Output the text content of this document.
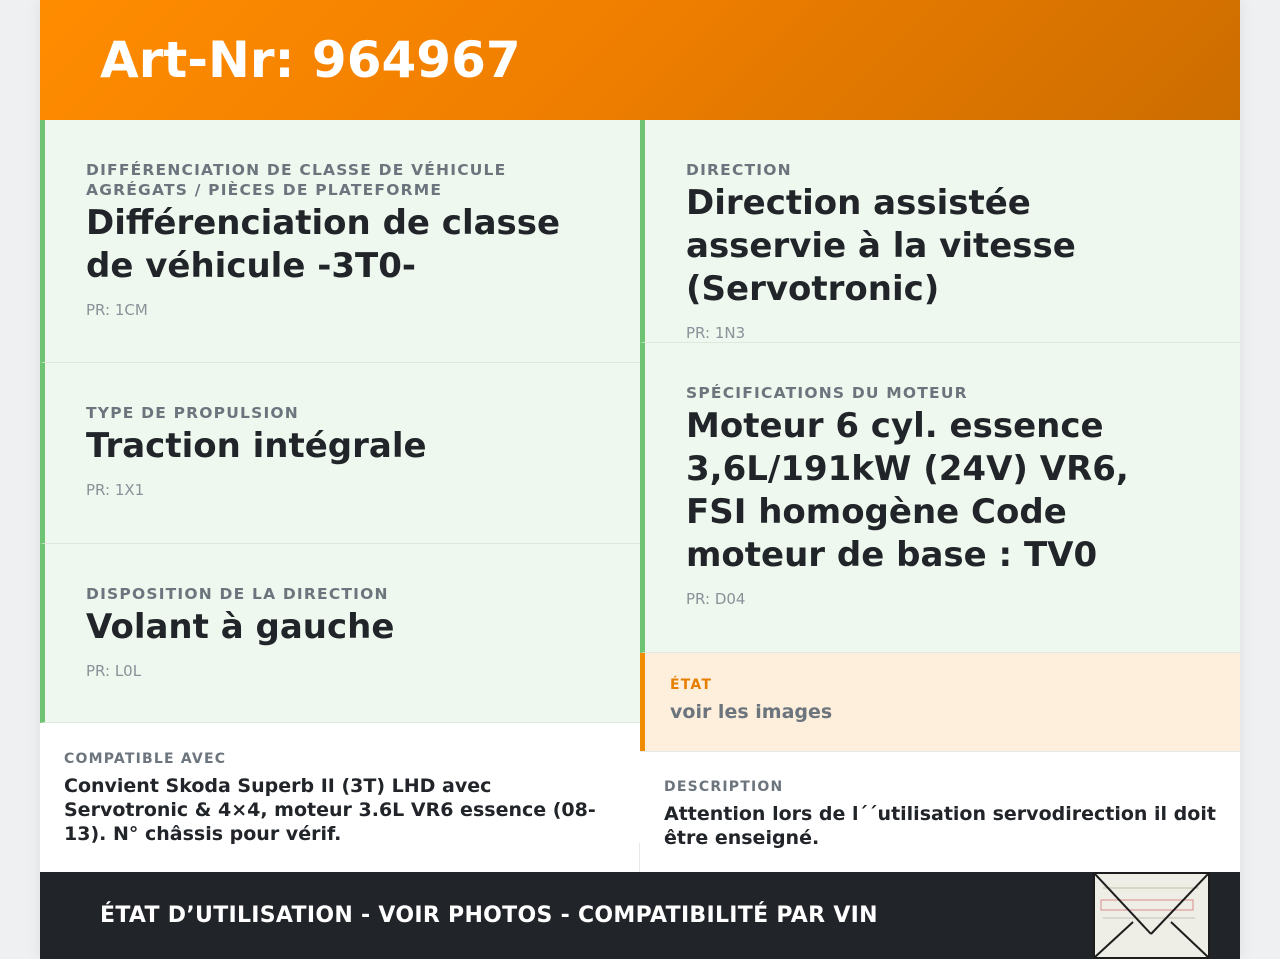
Art-Nr: 964967
DIFFÉRENCIATION DE CLASSE DE VÉHICULE AGRÉGATS / PIÈCES DE PLATEFORME
Différenciation de classe de véhicule -3T0-
PR: 1CM
TYPE DE PROPULSION
Traction intégrale
PR: 1X1
DISPOSITION DE LA DIRECTION
Volant à gauche
PR: L0L
COMPATIBLE AVEC
Convient Skoda Superb II (3T) LHD avec Servotronic & 4×4, moteur 3.6L VR6 essence (08-13). N° châssis pour vérif.
DIRECTION
Direction assistée asservie à la vitesse (Servotronic)
PR: 1N3
SPÉCIFICATIONS DU MOTEUR
Moteur 6 cyl. essence 3,6L/191kW (24V) VR6, FSI homogène Code moteur de base : TV0
PR: D04
ÉTAT
voir les images
DESCRIPTION
Attention lors de l´´utilisation servodirection il doit être enseigné.
ÉTAT D’UTILISATION - VOIR PHOTOS - COMPATIBILITÉ PAR VIN
